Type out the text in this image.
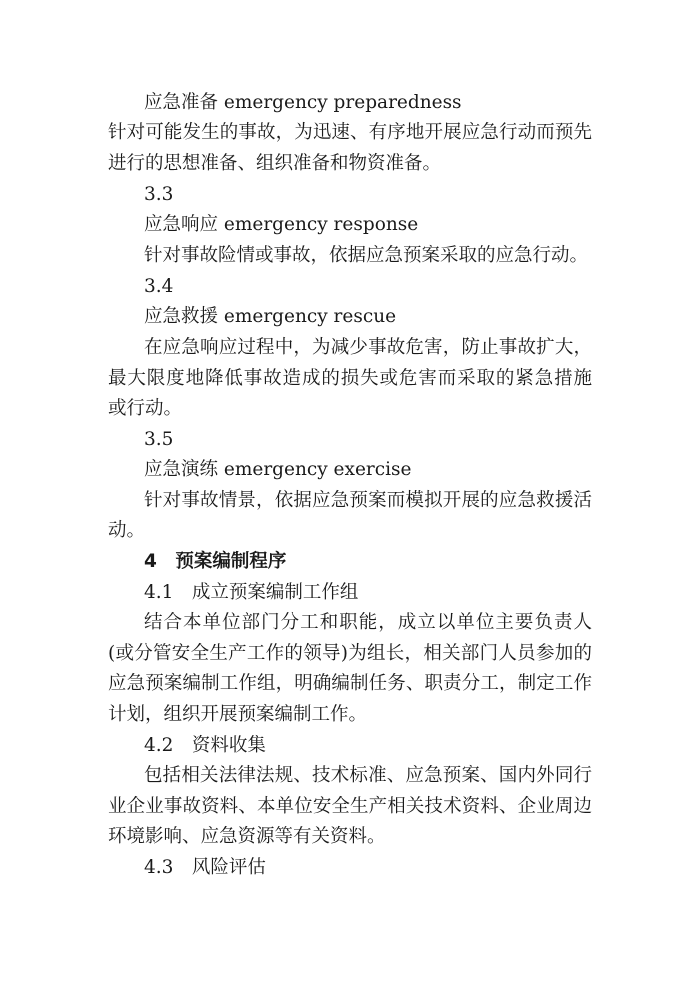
应急准备 emergency preparedness
针对可能发生的事故，为迅速、有序地开展应急行动而预先
进行的思想准备、组织准备和物资准备。
3.3
应急响应 emergency response
针对事故险情或事故，依据应急预案采取的应急行动。
3.4
应急救援 emergency rescue
在应急响应过程中，为减少事故危害，防止事故扩大，
最大限度地降低事故造成的损失或危害而采取的紧急措施
或行动。
3.5
应急演练 emergency exercise
针对事故情景，依据应急预案而模拟开展的应急救援活
动。
4　预案编制程序
4.1　成立预案编制工作组
结合本单位部门分工和职能，成立以单位主要负责人
(或分管安全生产工作的领导)为组长，相关部门人员参加的
应急预案编制工作组，明确编制任务、职责分工，制定工作
计划，组织开展预案编制工作。
4.2　资料收集
包括相关法律法规、技术标准、应急预案、国内外同行
业企业事故资料、本单位安全生产相关技术资料、企业周边
环境影响、应急资源等有关资料。
4.3　风险评估
